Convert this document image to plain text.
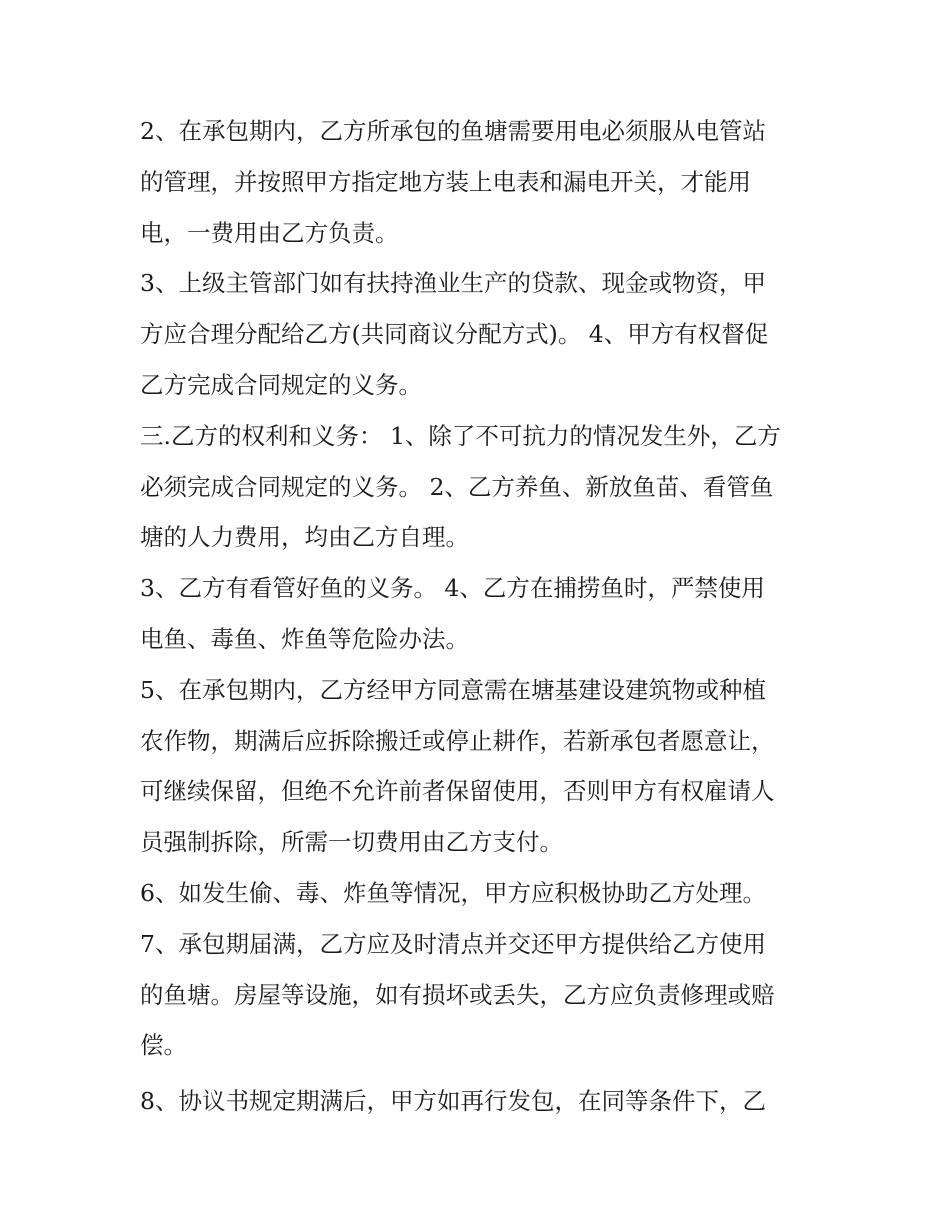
2、在承包期内，乙方所承包的鱼塘需要用电必须服从电管站
的管理，并按照甲方指定地方装上电表和漏电开关，才能用
电，一费用由乙方负责。
3、上级主管部门如有扶持渔业生产的贷款、现金或物资，甲
方应合理分配给乙方(共同商议分配方式)。 4、甲方有权督促
乙方完成合同规定的义务。
三.乙方的权利和义务： 1、除了不可抗力的情况发生外，乙方
必须完成合同规定的义务。 2、乙方养鱼、新放鱼苗、看管鱼
塘的人力费用，均由乙方自理。
3、乙方有看管好鱼的义务。 4、乙方在捕捞鱼时，严禁使用
电鱼、毒鱼、炸鱼等危险办法。
5、在承包期内，乙方经甲方同意需在塘基建设建筑物或种植
农作物，期满后应拆除搬迁或停止耕作，若新承包者愿意让，
可继续保留，但绝不允许前者保留使用，否则甲方有权雇请人
员强制拆除，所需一切费用由乙方支付。
6、如发生偷、毒、炸鱼等情况，甲方应积极协助乙方处理。
7、承包期届满，乙方应及时清点并交还甲方提供给乙方使用
的鱼塘。房屋等设施，如有损坏或丢失，乙方应负责修理或赔
偿。
8、协议书规定期满后，甲方如再行发包，在同等条件下，乙
